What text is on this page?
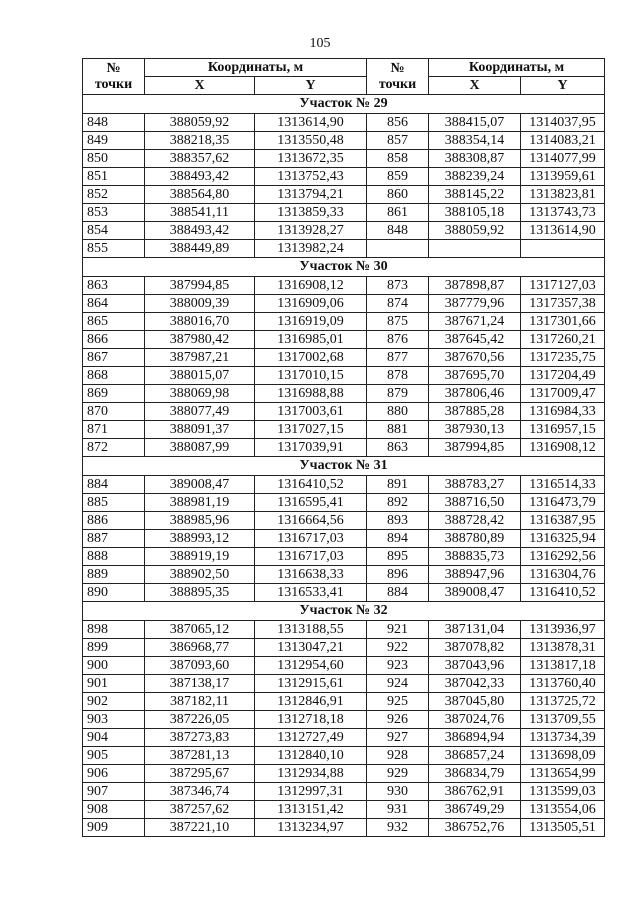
105
№ точки	Координаты, м		№ точки	Координаты, м	
	X	Y		X	Y
Участок № 29					
848	388059,92	1313614,90	856	388415,07	1314037,95
849	388218,35	1313550,48	857	388354,14	1314083,21
850	388357,62	1313672,35	858	388308,87	1314077,99
851	388493,42	1313752,43	859	388239,24	1313959,61
852	388564,80	1313794,21	860	388145,22	1313823,81
853	388541,11	1313859,33	861	388105,18	1313743,73
854	388493,42	1313928,27	848	388059,92	1313614,90
855	388449,89	1313982,24			
Участок № 30					
863	387994,85	1316908,12	873	387898,87	1317127,03
864	388009,39	1316909,06	874	387779,96	1317357,38
865	388016,70	1316919,09	875	387671,24	1317301,66
866	387980,42	1316985,01	876	387645,42	1317260,21
867	387987,21	1317002,68	877	387670,56	1317235,75
868	388015,07	1317010,15	878	387695,70	1317204,49
869	388069,98	1316988,88	879	387806,46	1317009,47
870	388077,49	1317003,61	880	387885,28	1316984,33
871	388091,37	1317027,15	881	387930,13	1316957,15
872	388087,99	1317039,91	863	387994,85	1316908,12
Участок № 31					
884	389008,47	1316410,52	891	388783,27	1316514,33
885	388981,19	1316595,41	892	388716,50	1316473,79
886	388985,96	1316664,56	893	388728,42	1316387,95
887	388993,12	1316717,03	894	388780,89	1316325,94
888	388919,19	1316717,03	895	388835,73	1316292,56
889	388902,50	1316638,33	896	388947,96	1316304,76
890	388895,35	1316533,41	884	389008,47	1316410,52
Участок № 32					
898	387065,12	1313188,55	921	387131,04	1313936,97
899	386968,77	1313047,21	922	387078,82	1313878,31
900	387093,60	1312954,60	923	387043,96	1313817,18
901	387138,17	1312915,61	924	387042,33	1313760,40
902	387182,11	1312846,91	925	387045,80	1313725,72
903	387226,05	1312718,18	926	387024,76	1313709,55
904	387273,83	1312727,49	927	386894,94	1313734,39
905	387281,13	1312840,10	928	386857,24	1313698,09
906	387295,67	1312934,88	929	386834,79	1313654,99
907	387346,74	1312997,31	930	386762,91	1313599,03
908	387257,62	1313151,42	931	386749,29	1313554,06
909	387221,10	1313234,97	932	386752,76	1313505,51
